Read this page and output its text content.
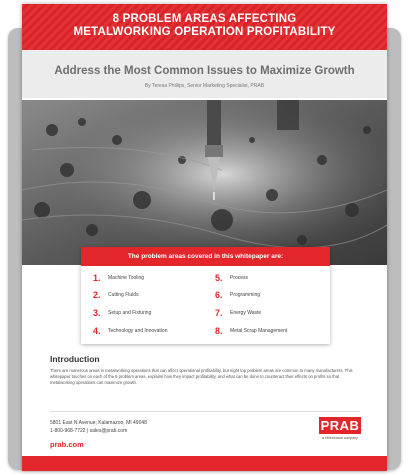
8 PROBLEM AREAS AFFECTING
METALWORKING OPERATION PROFITABILITY
Address the Most Common Issues to Maximize Growth
By Teresa Phillips, Senior Marketing Specialist, PRAB
The problem areas covered in this whitepaper are:
1.	Machine Tooling
2.	Cutting Fluids
3.	Setup and Fixturing
4.	Technology and Innovation
5.	Process
6.	Programming
7.	Energy Waste
8.	Metal Scrap Management
Introduction
There are numerous areas in metalworking operations that can affect operational profitability, but eight top problem areas are common to many manufacturers. This whitepaper touches on each of the 8 problem areas, explains how they impact profitability, and what can be done to counteract their effects on profits so that metalworking operations can maximize growth.
5801 East N Avenue, Kalamazoo, MI 49048
1-800-968-7722 | sales@prab.com
prab.com
PRAB
a Hillenbrand company
